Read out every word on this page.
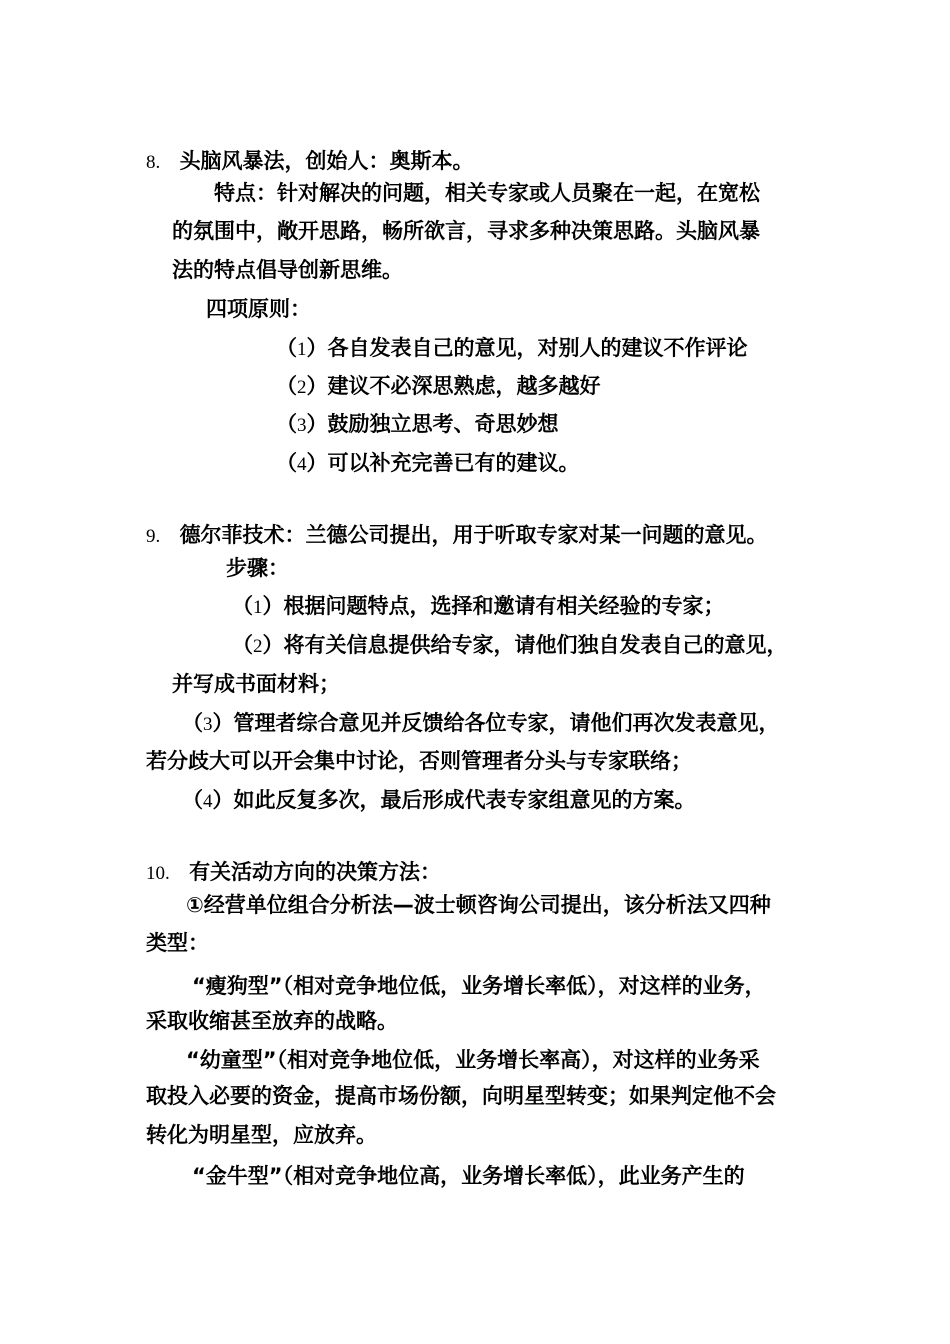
8. 头脑风暴法，创始人：奥斯本。
特点：针对解决的问题，相关专家或人员聚在一起，在宽松
的氛围中，敞开思路，畅所欲言，寻求多种决策思路。头脑风暴
法的特点倡导创新思维。
四项原则：
（1）各自发表自己的意见，对别人的建议不作评论
（2）建议不必深思熟虑，越多越好
（3）鼓励独立思考、奇思妙想
（4）可以补充完善已有的建议。
9. 德尔菲技术：兰德公司提出，用于听取专家对某一问题的意见。
步骤：
（1）根据问题特点，选择和邀请有相关经验的专家；
（2）将有关信息提供给专家，请他们独自发表自己的意见，
并写成书面材料；
（3）管理者综合意见并反馈给各位专家，请他们再次发表意见，
若分歧大可以开会集中讨论，否则管理者分头与专家联络；
（4）如此反复多次，最后形成代表专家组意见的方案。
10. 有关活动方向的决策方法：
①经营单位组合分析法—波士顿咨询公司提出，该分析法又四种
类型：
“瘦狗型”（相对竞争地位低，业务增长率低），对这样的业务，
采取收缩甚至放弃的战略。
“幼童型”（相对竞争地位低，业务增长率高），对这样的业务采
取投入必要的资金，提高市场份额，向明星型转变；如果判定他不会
转化为明星型，应放弃。
“金牛型”（相对竞争地位高，业务增长率低），此业务产生的
